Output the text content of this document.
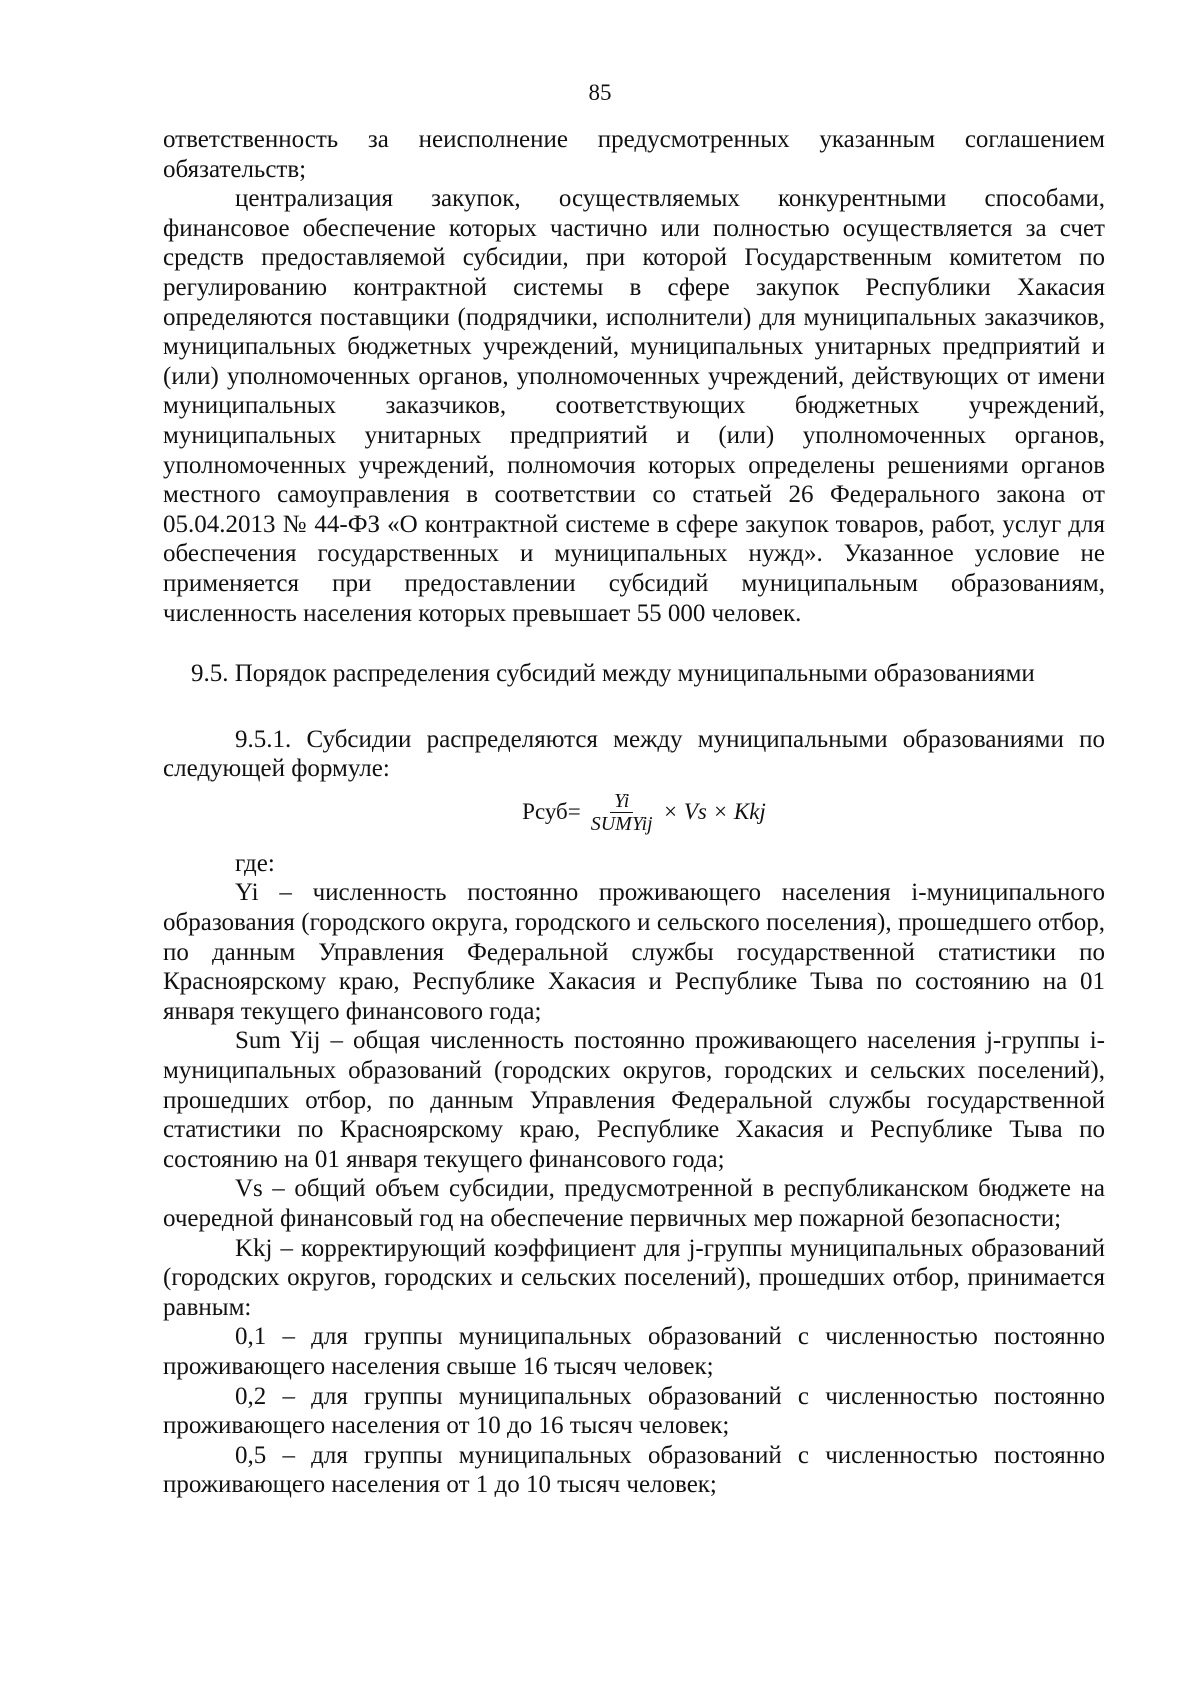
85

ответственность за неисполнение предусмотренных указанным соглашением обязательств;

централизация закупок, осуществляемых конкурентными способами, финансовое обеспечение которых частично или полностью осуществляется за счет средств предоставляемой субсидии, при которой Государственным комитетом по регулированию контрактной системы в сфере закупок Республики Хакасия определяются поставщики (подрядчики, исполнители) для муниципальных заказчиков, муниципальных бюджетных учреждений, муниципальных унитарных предприятий и (или) уполномоченных органов, уполномоченных учреждений, действующих от имени муниципальных заказчиков, соответствующих бюджетных учреждений, муниципальных унитарных предприятий и (или) уполномоченных органов, уполномоченных учреждений, полномочия которых определены решениями органов местного самоуправления в соответствии со статьей 26 Федерального закона от 05.04.2013 № 44-ФЗ «О контрактной системе в сфере закупок товаров, работ, услуг для обеспечения государственных и муниципальных нужд». Указанное условие не применяется при предоставлении субсидий муниципальным образованиям, численность населения которых превышает 55 000 человек.

9.5. Порядок распределения субсидий между муниципальными образованиями

9.5.1. Субсидии распределяются между муниципальными образованиями по следующей формуле:

Рсуб= $\frac{Yi}{\text{SUMYij}} \times Vs$ × Kkj

где:

Yi – численность постоянно проживающего населения i-муниципального образования (городского округа, городского и сельского поселения), прошедшего отбор, по данным Управления Федеральной службы государственной статистики по Красноярскому краю, Республике Хакасия и Республике Тыва по состоянию на 01 января текущего финансового года;

Sum Yij – общая численность постоянно проживающего населения j-группы i-муниципальных образований (городских округов, городских и сельских поселений), прошедших отбор, по данным Управления Федеральной службы государственной статистики по Красноярскому краю, Республике Хакасия и Республике Тыва по состоянию на 01 января текущего финансового года;

Vs – общий объем субсидии, предусмотренной в республиканском бюджете на очередной финансовый год на обеспечение первичных мер пожарной безопасности;

Kkj – корректирующий коэффициент для j-группы муниципальных образований (городских округов, городских и сельских поселений), прошедших отбор, принимается равным:

0,1 – для группы муниципальных образований с численностью постоянно проживающего населения свыше 16 тысяч человек;

0,2 – для группы муниципальных образований с численностью постоянно проживающего населения от 10 до 16 тысяч человек;

0,5 – для группы муниципальных образований с численностью постоянно проживающего населения от 1 до 10 тысяч человек;
